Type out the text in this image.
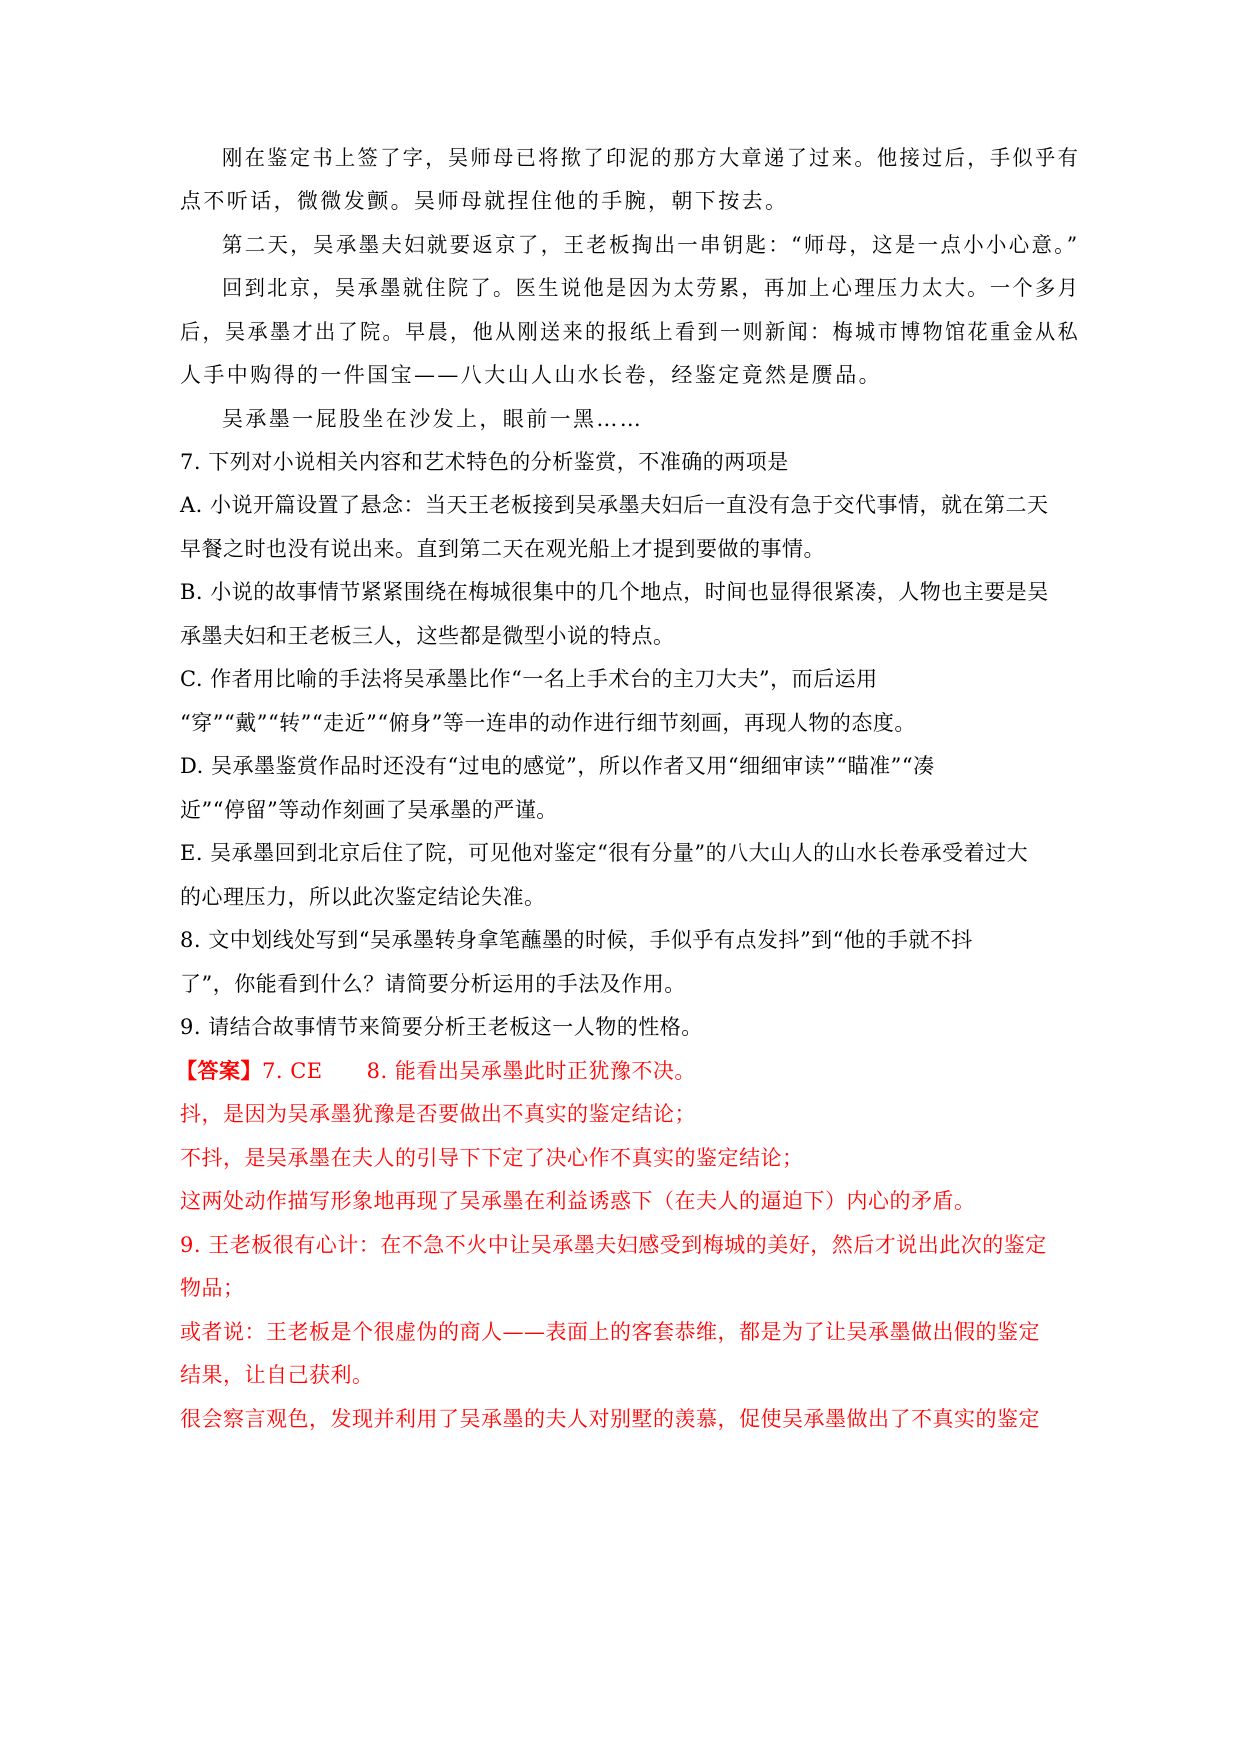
刚在鉴定书上签了字，吴师母已将揿了印泥的那方大章递了过来。他接过后，手似乎有
点不听话，微微发颤。吴师母就捏住他的手腕，朝下按去。
第二天，吴承墨夫妇就要返京了，王老板掏出一串钥匙：“师母，这是一点小小心意。”
回到北京，吴承墨就住院了。医生说他是因为太劳累，再加上心理压力太大。一个多月
后，吴承墨才出了院。早晨，他从刚送来的报纸上看到一则新闻：梅城市博物馆花重金从私
人手中购得的一件国宝——八大山人山水长卷，经鉴定竟然是赝品。
吴承墨一屁股坐在沙发上，眼前一黑……
7. 下列对小说相关内容和艺术特色的分析鉴赏，不准确的两项是
A. 小说开篇设置了悬念：当天王老板接到吴承墨夫妇后一直没有急于交代事情，就在第二天
早餐之时也没有说出来。直到第二天在观光船上才提到要做的事情。
B. 小说的故事情节紧紧围绕在梅城很集中的几个地点，时间也显得很紧凑，人物也主要是吴
承墨夫妇和王老板三人，这些都是微型小说的特点。
C. 作者用比喻的手法将吴承墨比作“一名上手术台的主刀大夫”，而后运用
“穿”“戴”“转”“走近”“俯身”等一连串的动作进行细节刻画，再现人物的态度。
D. 吴承墨鉴赏作品时还没有“过电的感觉”，所以作者又用“细细审读”“瞄准”“凑
近”“停留”等动作刻画了吴承墨的严谨。
E. 吴承墨回到北京后住了院，可见他对鉴定“很有分量”的八大山人的山水长卷承受着过大
的心理压力，所以此次鉴定结论失准。
8. 文中划线处写到“吴承墨转身拿笔蘸墨的时候，手似乎有点发抖”到“他的手就不抖
了”，你能看到什么？请简要分析运用的手法及作用。
9. 请结合故事情节来简要分析王老板这一人物的性格。
【答案】7. CE 8. 能看出吴承墨此时正犹豫不决。
抖，是因为吴承墨犹豫是否要做出不真实的鉴定结论；
不抖，是吴承墨在夫人的引导下下定了决心作不真实的鉴定结论；
这两处动作描写形象地再现了吴承墨在利益诱惑下（在夫人的逼迫下）内心的矛盾。
9. 王老板很有心计：在不急不火中让吴承墨夫妇感受到梅城的美好，然后才说出此次的鉴定
物品；
或者说：王老板是个很虚伪的商人——表面上的客套恭维，都是为了让吴承墨做出假的鉴定
结果，让自己获利。
很会察言观色，发现并利用了吴承墨的夫人对别墅的羡慕，促使吴承墨做出了不真实的鉴定
